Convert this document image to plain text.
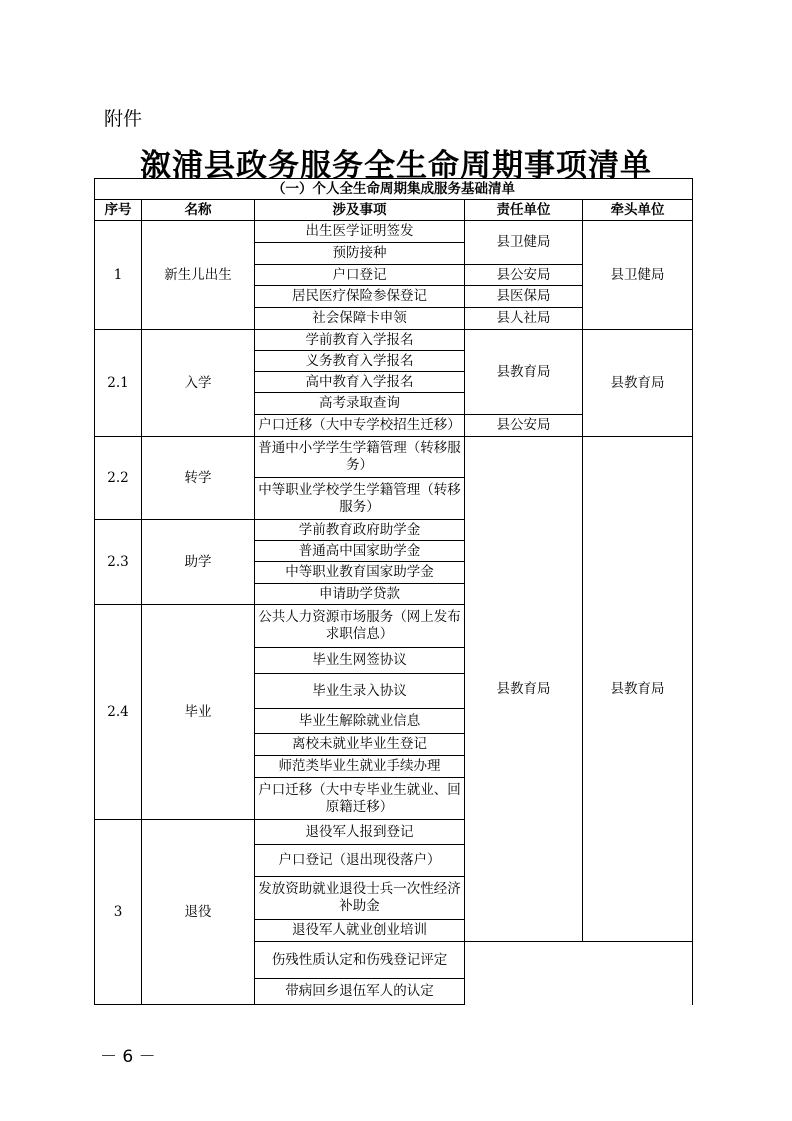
附件
溆浦县政务服务全生命周期事项清单
（一）个人全生命周期集成服务基础清单					
序号	名称	涉及事项	责任单位	牵头单位	
1	新生儿出生	出生医学证明签发	县卫健局	县卫健局	
		预防接种			
		户口登记	县公安局		
		居民医疗保险参保登记	县医保局		
		社会保障卡申领	县人社局		
2.1	入学	学前教育入学报名	县教育局	县教育局	
		义务教育入学报名			
		高中教育入学报名			
		高考录取查询			
		户口迁移（大中专学校招生迁移）	县公安局		
2.2	转学	普通中小学学生学籍管理（转移服务）	县教育局	县教育局	
		中等职业学校学生学籍管理（转移服务）			
2.3	助学	学前教育政府助学金			
		普通高中国家助学金			
		中等职业教育国家助学金			
		申请助学贷款			
2.4	毕业	公共人力资源市场服务（网上发布求职信息）			
		毕业生网签协议			
		毕业生录入协议			
		毕业生解除就业信息			
		离校未就业毕业生登记			
		师范类毕业生就业手续办理			
		户口迁移（大中专毕业生就业、回原籍迁移）			
3	退役	退役军人报到登记		
		户口登记（退出现役落户）			
		发放资助就业退役士兵一次性经济补助金			
		退役军人就业创业培训			
		伤残性质认定和伤残登记评定			
		带病回乡退伍军人的认定			
－ 6 －
